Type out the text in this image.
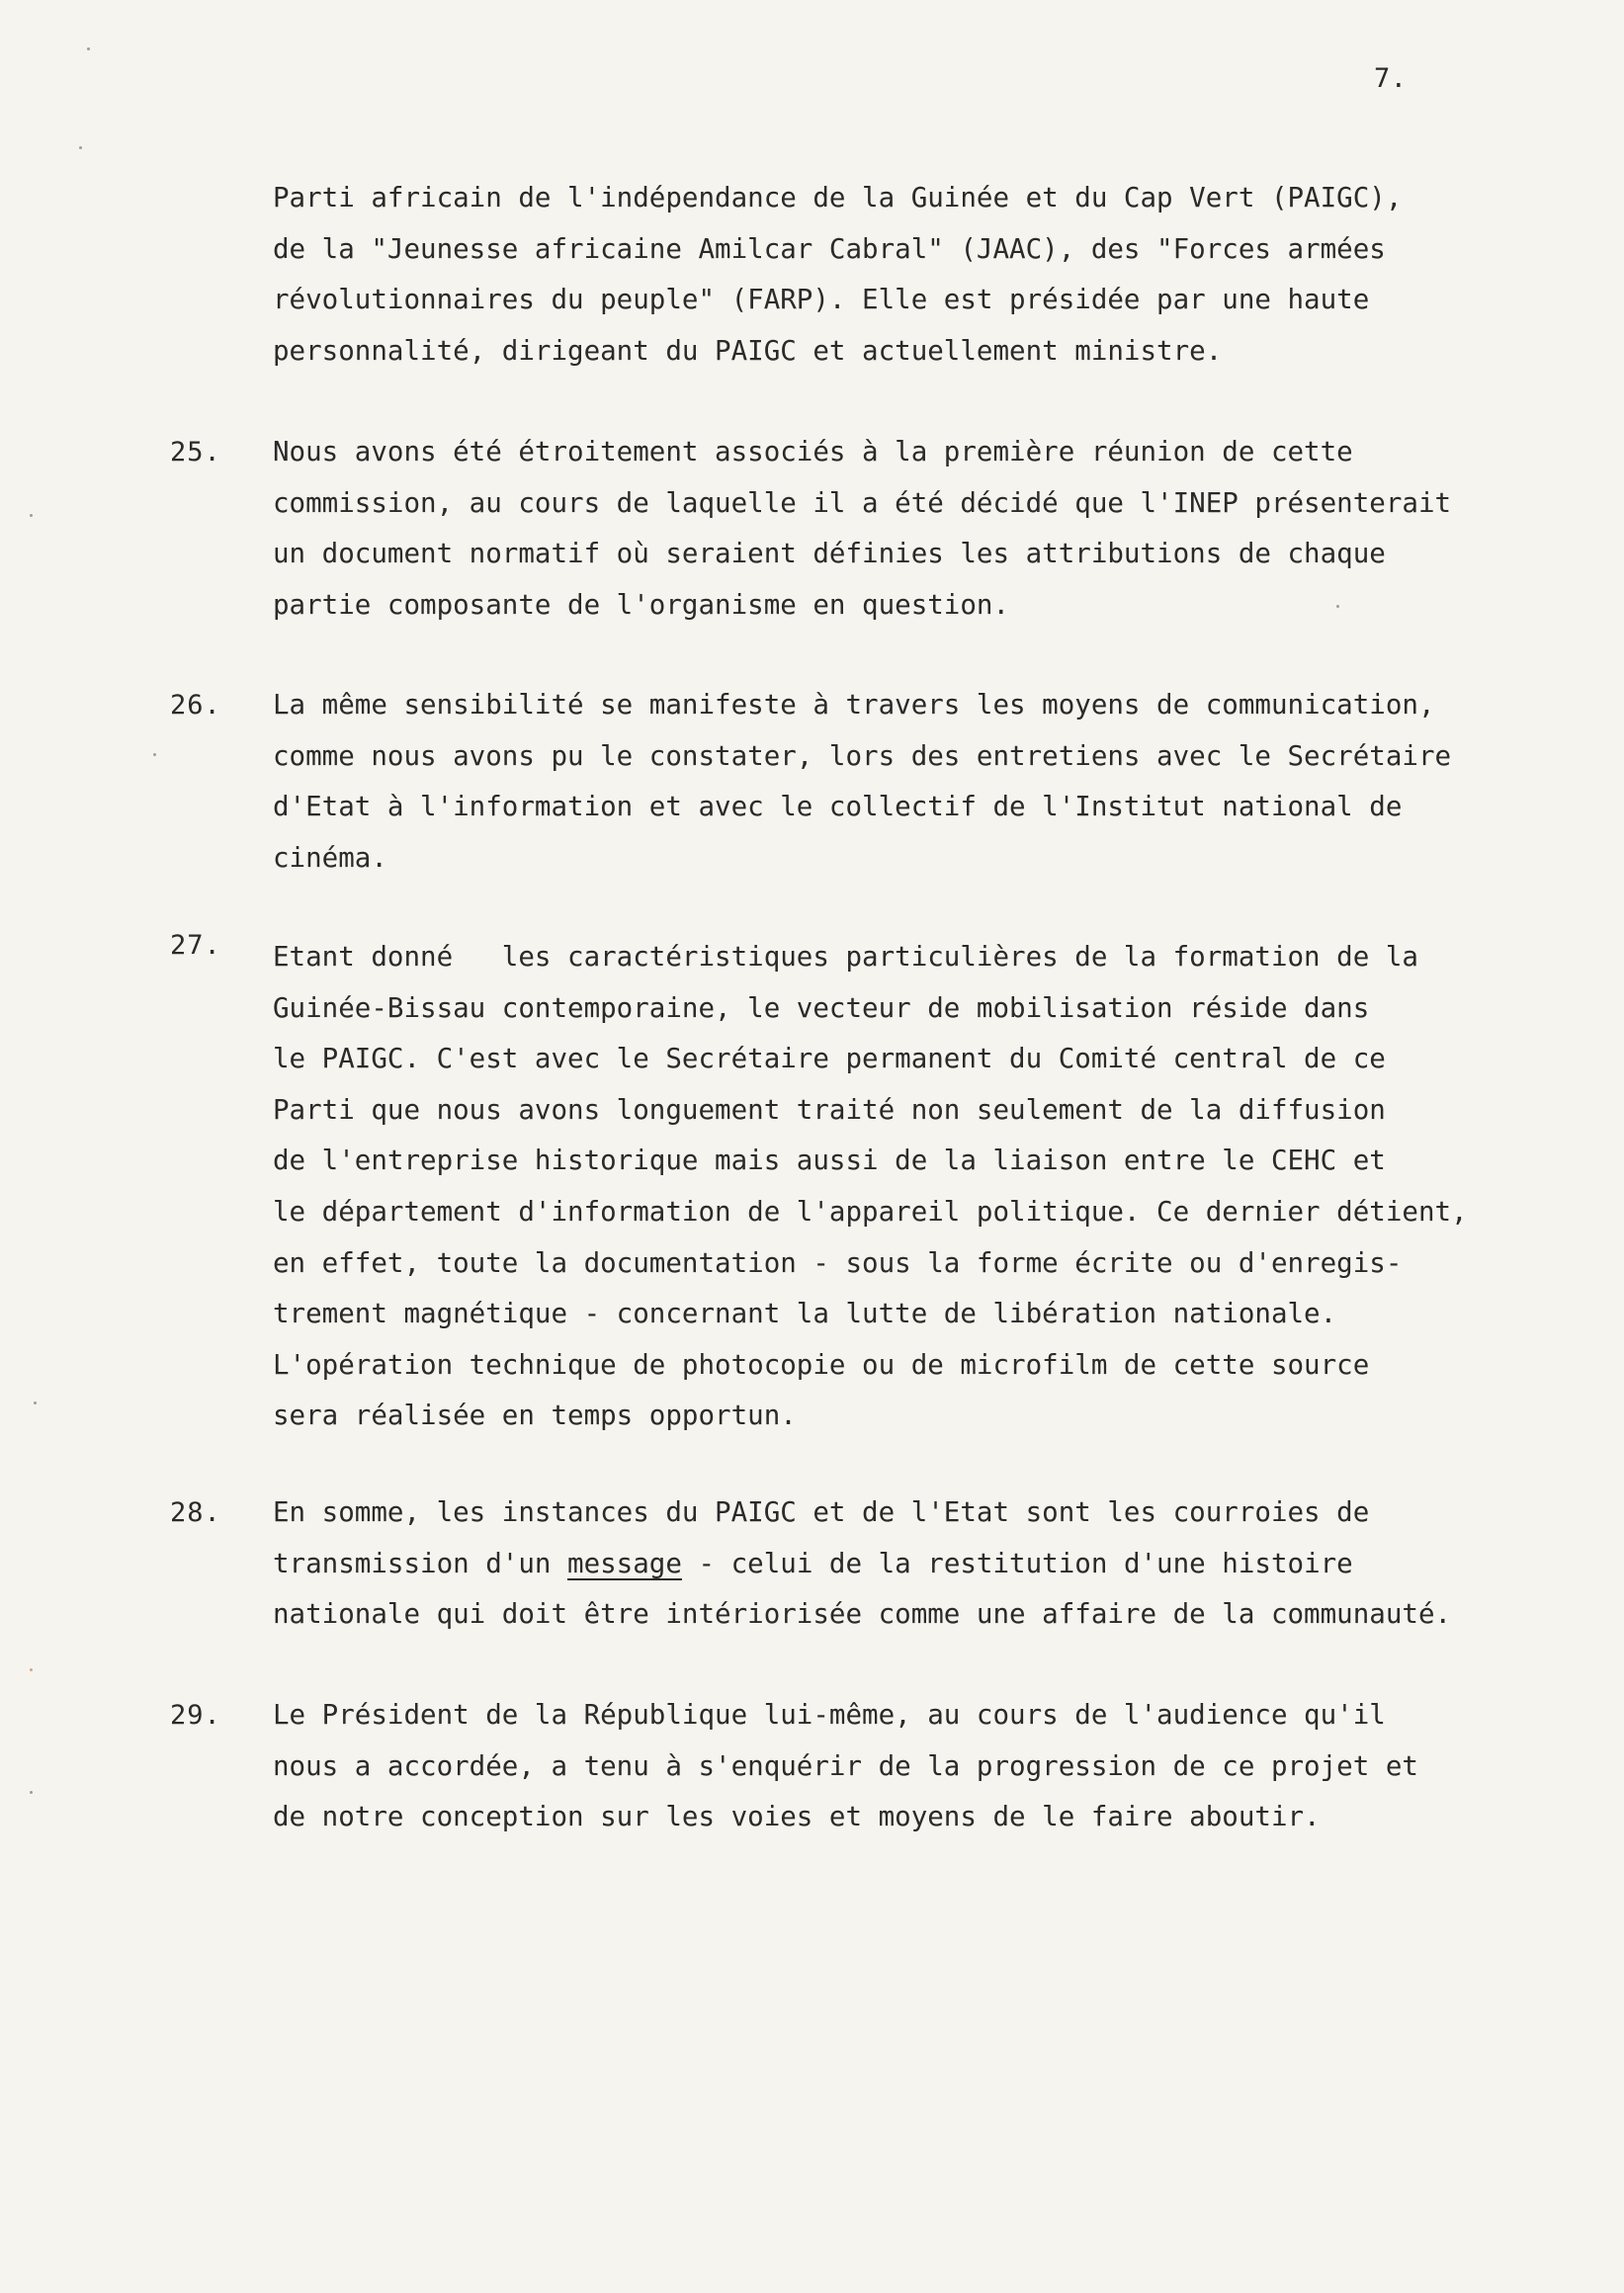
7.
Parti africain de l'indépendance de la Guinée et du Cap Vert (PAIGC),
de la "Jeunesse africaine Amilcar Cabral" (JAAC), des "Forces armées
révolutionnaires du peuple" (FARP). Elle est présidée par une haute
personnalité, dirigeant du PAIGC et actuellement ministre.
25. Nous avons été étroitement associés à la première réunion de cette
commission, au cours de laquelle il a été décidé que l'INEP présenterait
un document normatif où seraient définies les attributions de chaque
partie composante de l'organisme en question.
26. La même sensibilité se manifeste à travers les moyens de communication,
comme nous avons pu le constater, lors des entretiens avec le Secrétaire
d'Etat à l'information et avec le collectif de l'Institut national de
cinéma.
27. Etant donné   les caractéristiques particulières de la formation de la
Guinée-Bissau contemporaine, le vecteur de mobilisation réside dans
le PAIGC. C'est avec le Secrétaire permanent du Comité central de ce
Parti que nous avons longuement traité non seulement de la diffusion
de l'entreprise historique mais aussi de la liaison entre le CEHC et
le département d'information de l'appareil politique. Ce dernier détient,
en effet, toute la documentation - sous la forme écrite ou d'enregis-
trement magnétique - concernant la lutte de libération nationale.
L'opération technique de photocopie ou de microfilm de cette source
sera réalisée en temps opportun.
28. En somme, les instances du PAIGC et de l'Etat sont les courroies de
transmission d'un message - celui de la restitution d'une histoire
nationale qui doit être intériorisée comme une affaire de la communauté.
29. Le Président de la République lui-même, au cours de l'audience qu'il
nous a accordée, a tenu à s'enquérir de la progression de ce projet et
de notre conception sur les voies et moyens de le faire aboutir.
